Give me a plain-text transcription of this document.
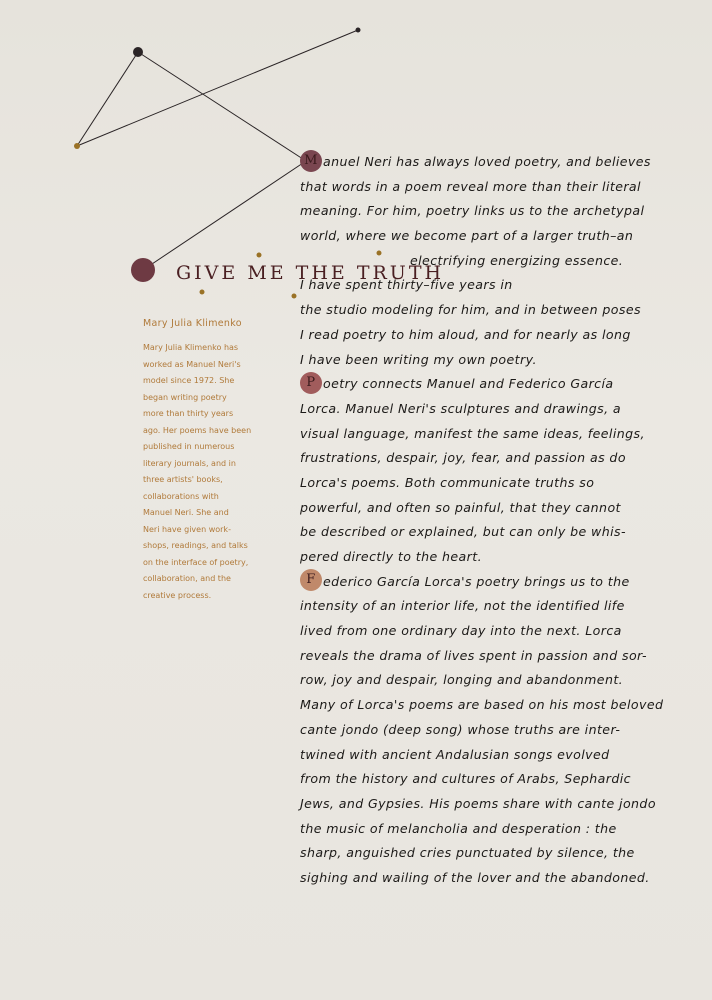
GIVE ME THE TRUTH
Mary Julia Klimenko
Mary Julia Klimenko has
worked as Manuel Neri's
model since 1972. She
began writing poetry
more than thirty years
ago. Her poems have been
published in numerous
literary journals, and in
three artists' books,
collaborations with
Manuel Neri. She and
Neri have given work-
shops, readings, and talks
on the interface of poetry,
collaboration, and the
creative process.
M anuel Neri has always loved poetry, and believes
that words in a poem reveal more than their literal
meaning. For him, poetry links us to the archetypal
world, where we become part of a larger truth–an
electrifying energizing essence.
I have spent thirty–five years in
the studio modeling for him, and in between poses
I read poetry to him aloud, and for nearly as long
I have been writing my own poetry.
P oetry connects Manuel and Federico García
Lorca. Manuel Neri's sculptures and drawings, a
visual language, manifest the same ideas, feelings,
frustrations, despair, joy, fear, and passion as do
Lorca's poems. Both communicate truths so
powerful, and often so painful, that they cannot
be described or explained, but can only be whis-
pered directly to the heart.
F ederico García Lorca's poetry brings us to the
intensity of an interior life, not the identified life
lived from one ordinary day into the next. Lorca
reveals the drama of lives spent in passion and sor-
row, joy and despair, longing and abandonment.
Many of Lorca's poems are based on his most beloved
cante jondo (deep song) whose truths are inter-
twined with ancient Andalusian songs evolved
from the history and cultures of Arabs, Sephardic
Jews, and Gypsies. His poems share with cante jondo
the music of melancholia and desperation : the
sharp, anguished cries punctuated by silence, the
sighing and wailing of the lover and the abandoned.
